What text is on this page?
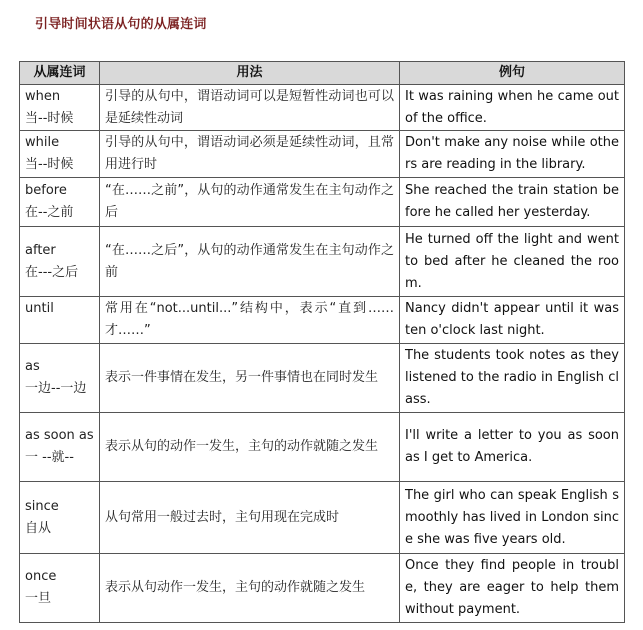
引导时间状语从句的从属连词
从属连词	用法	例句

when
当--时候	引导的从句中，谓语动词可以是短暂性动词也可以是延续性动词	It was raining when he came out of the office.

while
当--时候	引导的从句中，谓语动词必须是延续性动词，且常用进行时	Don't make any noise while others are reading in the library.

before
在--之前	“在……之前”，从句的动作通常发生在主句动作之后	She reached the train station before he called her yesterday.

after
在---之后	“在……之后”，从句的动作通常发生在主句动作之前	He turned off the light and went to bed after he cleaned the room.

until	常用在“not...until...”结构中，表示“直到……才……”	Nancy didn't appear until it was ten o'clock last night.

as
一边--一边	表示一件事情在发生，另一件事情也在同时发生	The students took notes as they listened to the radio in English class.

as soon as
一 --就--	表示从句的动作一发生，主句的动作就随之发生	I'll write a letter to you as soon as I get to America.

since
自从	从句常用一般过去时，主句用现在完成时	The girl who can speak English smoothly has lived in London since she was five years old.

once
一旦	表示从句动作一发生，主句的动作就随之发生	Once they find people in trouble, they are eager to help them without payment.
